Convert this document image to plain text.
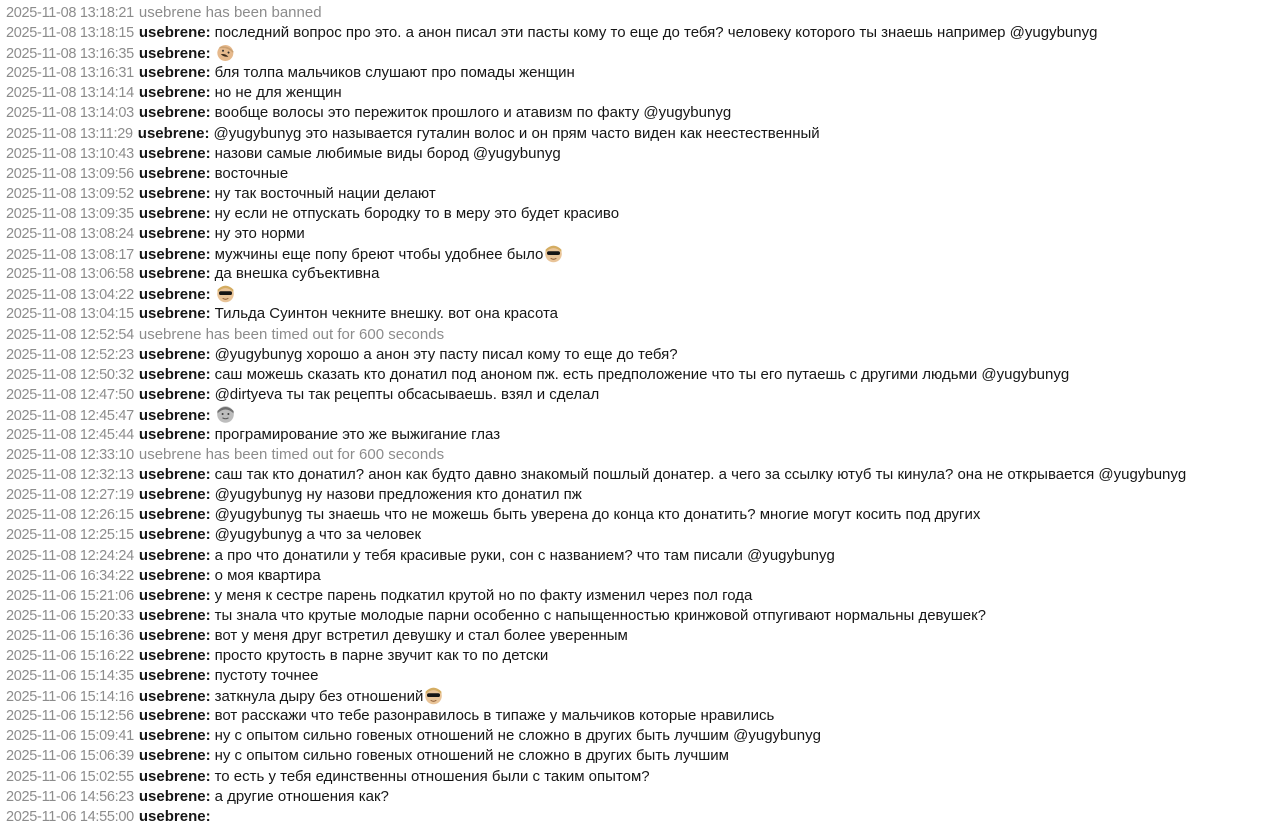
2025-11-08 13:18:21 usebrene has been banned
2025-11-08 13:18:15 usebrene: последний вопрос про это. а анон писал эти пасты кому то еще до тебя? человеку которого ты знаешь например @yugybunyg
2025-11-08 13:16:35 usebrene:
2025-11-08 13:16:31 usebrene: бля толпа мальчиков слушают про помады женщин
2025-11-08 13:14:14 usebrene: но не для женщин
2025-11-08 13:14:03 usebrene: вообще волосы это пережиток прошлого и атавизм по факту @yugybunyg
2025-11-08 13:11:29 usebrene: @yugybunyg это называется гуталин волос и он прям часто виден как неестественный
2025-11-08 13:10:43 usebrene: назови самые любимые виды бород @yugybunyg
2025-11-08 13:09:56 usebrene: восточные
2025-11-08 13:09:52 usebrene: ну так восточный нации делают
2025-11-08 13:09:35 usebrene: ну если не отпускать бородку то в меру это будет красиво
2025-11-08 13:08:24 usebrene: ну это норми
2025-11-08 13:08:17 usebrene: мужчины еще попу бреют чтобы удобнее было
2025-11-08 13:06:58 usebrene: да внешка субъективна
2025-11-08 13:04:22 usebrene:
2025-11-08 13:04:15 usebrene: Тильда Суинтон чекните внешку. вот она красота
2025-11-08 12:52:54 usebrene has been timed out for 600 seconds
2025-11-08 12:52:23 usebrene: @yugybunyg хорошо а анон эту пасту писал кому то еще до тебя?
2025-11-08 12:50:32 usebrene: саш можешь сказать кто донатил под аноном пж. есть предположение что ты его путаешь с другими людьми @yugybunyg
2025-11-08 12:47:50 usebrene: @dirtyeva ты так рецепты обсасываешь. взял и сделал
2025-11-08 12:45:47 usebrene:
2025-11-08 12:45:44 usebrene: програмирование это же выжигание глаз
2025-11-08 12:33:10 usebrene has been timed out for 600 seconds
2025-11-08 12:32:13 usebrene: саш так кто донатил? анон как будто давно знакомый пошлый донатер. а чего за ссылку ютуб ты кинула? она не открывается @yugybunyg
2025-11-08 12:27:19 usebrene: @yugybunyg ну назови предложения кто донатил пж
2025-11-08 12:26:15 usebrene: @yugybunyg ты знаешь что не можешь быть уверена до конца кто донатить? многие могут косить под других
2025-11-08 12:25:15 usebrene: @yugybunyg а что за человек
2025-11-08 12:24:24 usebrene: а про что донатили у тебя красивые руки, сон с названием? что там писали @yugybunyg
2025-11-06 16:34:22 usebrene: о моя квартира
2025-11-06 15:21:06 usebrene: у меня к сестре парень подкатил крутой но по факту изменил через пол года
2025-11-06 15:20:33 usebrene: ты знала что крутые молодые парни особенно с напыщенностью кринжовой отпугивают нормальны девушек?
2025-11-06 15:16:36 usebrene: вот у меня друг встретил девушку и стал более уверенным
2025-11-06 15:16:22 usebrene: просто крутость в парне звучит как то по детски
2025-11-06 15:14:35 usebrene: пустоту точнее
2025-11-06 15:14:16 usebrene: заткнула дыру без отношений
2025-11-06 15:12:56 usebrene: вот расскажи что тебе разонравилось в типаже у мальчиков которые нравились
2025-11-06 15:09:41 usebrene: ну с опытом сильно говеных отношений не сложно в других быть лучшим @yugybunyg
2025-11-06 15:06:39 usebrene: ну с опытом сильно говеных отношений не сложно в других быть лучшим
2025-11-06 15:02:55 usebrene: то есть у тебя единственны отношения были с таким опытом?
2025-11-06 14:56:23 usebrene: а другие отношения как?
2025-11-06 14:55:00 usebrene:
